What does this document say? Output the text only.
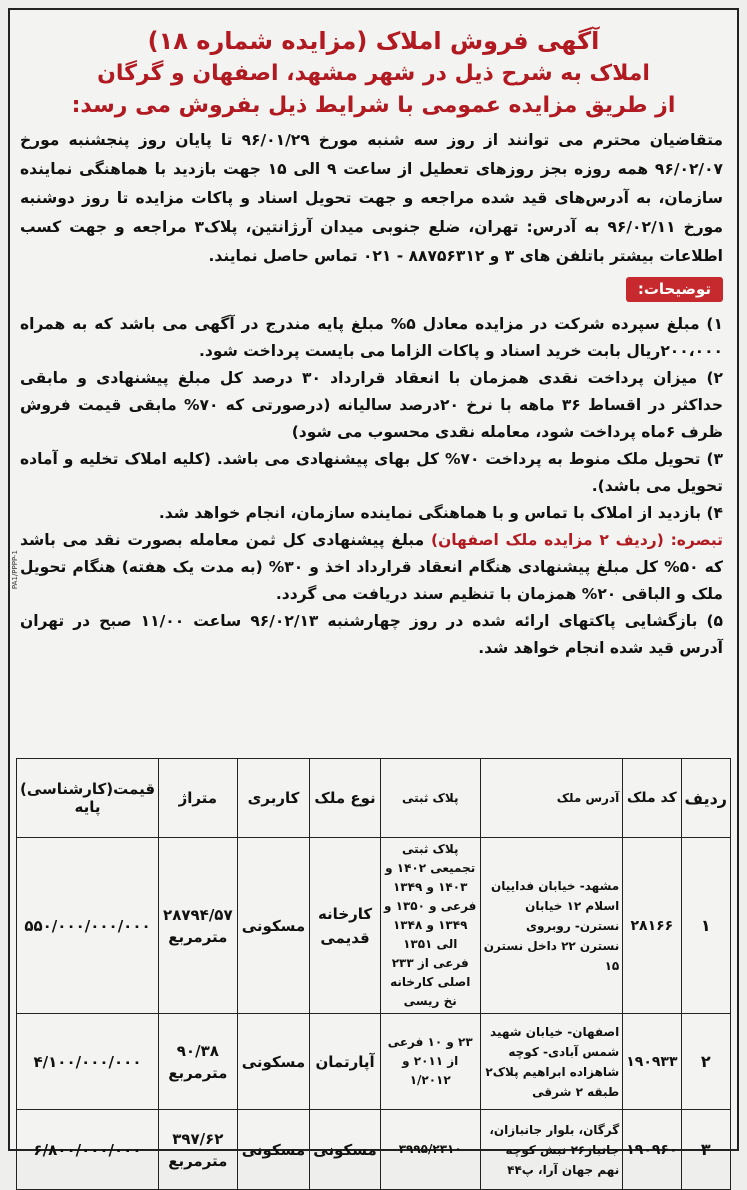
آگهی فروش املاک (مزایده شماره ۱۸)
املاک به شرح ذیل در شهر مشهد، اصفهان و گرگان
از طریق مزایده عمومی با شرایط ذیل بفروش می رسد:
متقاضیان محترم می توانند از روز سه شنبه مورخ ۹۶/۰۱/۲۹ تا پایان روز پنجشنبه مورخ ۹۶/۰۲/۰۷ همه روزه بجز روزهای تعطیل از ساعت ۹ الی ۱۵ جهت بازدید با هماهنگی نماینده سازمان، به آدرس‌های قید شده مراجعه و جهت تحویل اسناد و پاکات مزایده تا روز دوشنبه مورخ ۹۶/۰۲/۱۱ به آدرس: تهران، ضلع جنوبی میدان آرژانتین، پلاک۳ مراجعه و جهت کسب اطلاعات بیشتر باتلفن های ۳ و ۸۸۷۵۶۳۱۲ - ۰۲۱ تماس حاصل نمایند.
توضیحات:

۱) مبلغ سپرده شرکت در مزایده معادل ۵% مبلغ پایه مندرج در آگهی می باشد که به همراه ۲۰۰،۰۰۰ریال بابت خرید اسناد و پاکات الزاما می بایست پرداخت شود.

۲) میزان پرداخت نقدی همزمان با انعقاد قرارداد ۳۰ درصد کل مبلغ پیشنهادی و مابقی حداکثر در اقساط ۳۶ ماهه با نرخ ۲۰درصد سالیانه (درصورتی که ۷۰% مابقی قیمت فروش ظرف ۶ماه پرداخت شود، معامله نقدی محسوب می شود)

۳) تحویل ملک منوط به پرداخت ۷۰% کل بهای پیشنهادی می باشد. (کلیه املاک تخلیه و آماده تحویل می باشد).

۴) بازدید از املاک با تماس و با هماهنگی نماینده سازمان، انجام خواهد شد.

تبصره: (ردیف ۲ مزایده ملک اصفهان) مبلغ پیشنهادی کل ثمن معامله بصورت نقد می باشد که ۵۰% کل مبلغ پیشنهادی هنگام انعقاد قرارداد اخذ و ۳۰% (به مدت یک هفته) هنگام تحویل ملک و الباقی ۲۰% همزمان با تنظیم سند دریافت می گردد.

۵) بازگشایی پاکتهای ارائه شده در روز چهارشنبه ۹۶/۰۲/۱۳ ساعت ۱۱/۰۰ صبح در تهران آدرس قید شده انجام خواهد شد.

PA1/PPPP-1
ردیف	کد ملک	آدرس ملک	پلاک ثبتی	نوع ملک	کاربری	متراژ	قیمت(کارشناسی) پایه
۱	۲۸۱۶۶	مشهد- خیابان فداییان اسلام ۱۲ خیابان نسترن- روبروی نسترن ۲۲ داخل نسترن ۱۵	پلاک ثبتی تجمیعی ۱۴۰۲ و ۱۴۰۳ و ۱۳۴۹ فرعی و ۱۳۵۰ و ۱۳۴۹ و ۱۳۴۸ الی ۱۳۵۱ فرعی از ۲۳۳ اصلی کارخانه نخ ریسی	کارخانه قدیمی	مسکونی	۲۸۷۹۴/۵۷ مترمربع	۵۵۰/۰۰۰/۰۰۰/۰۰۰
۲	۱۹۰۹۳۳	اصفهان- خیابان شهید شمس آبادی- کوچه شاهزاده ابراهیم پلاک۲ طبقه ۲ شرقی	۲۳ و ۱۰ فرعی از ۲۰۱۱ و ۱/۲۰۱۲	آپارتمان	مسکونی	۹۰/۳۸ مترمربع	۴/۱۰۰/۰۰۰/۰۰۰
۳	۱۹۰۹۶۰	گرگان، بلوار جانبازان، جانباز۲۶ نبش کوچه نهم جهان آرا، پ۴۴	۳۹۹۵/۲۳۱۰	مسکونی	مسکونی	۳۹۷/۶۲ مترمربع	۶/۸۰۰/۰۰۰/۰۰۰
